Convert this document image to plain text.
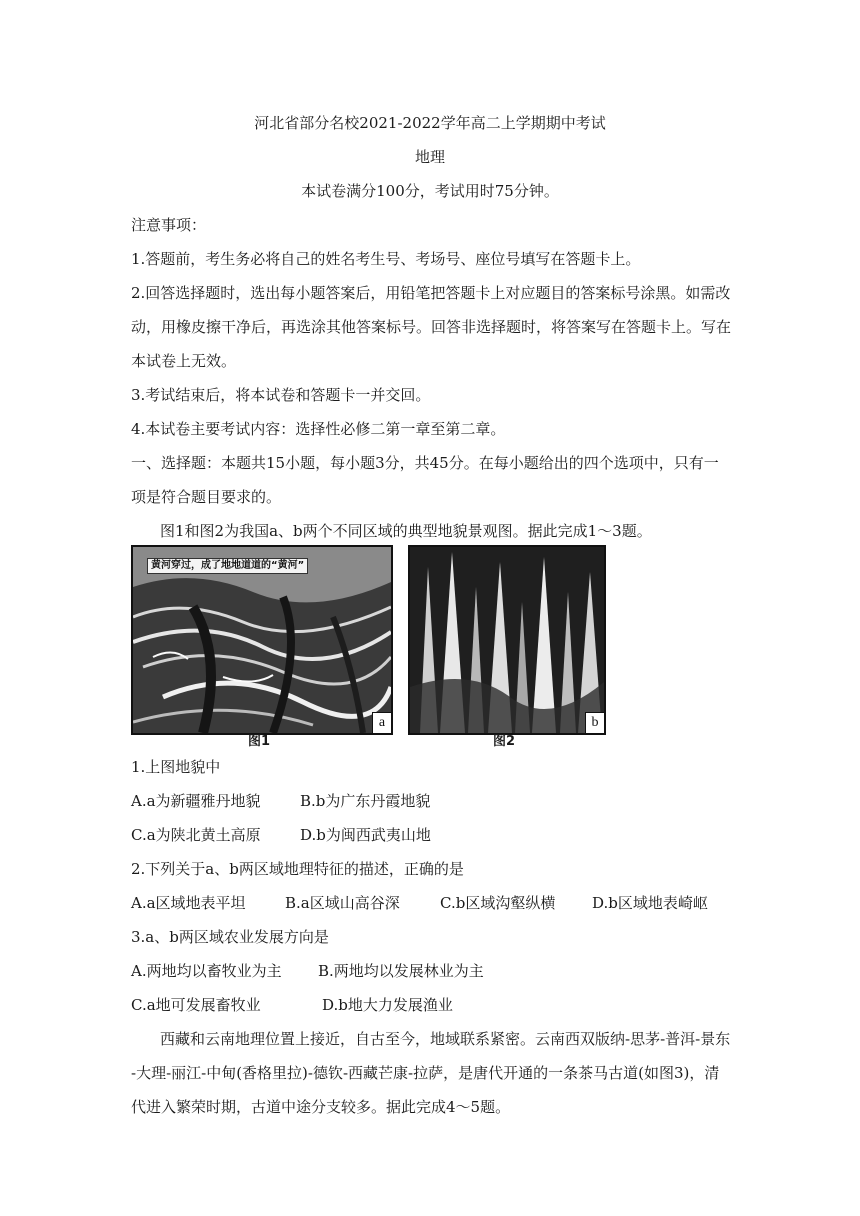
河北省部分名校2021-2022学年高二上学期期中考试
地理
本试卷满分100分，考试用时75分钟。
注意事项：
1.答题前，考生务必将自己的姓名考生号、考场号、座位号填写在答题卡上。
2.回答选择题时，选出每小题答案后，用铅笔把答题卡上对应题目的答案标号涂黑。如需改
动，用橡皮擦干净后，再选涂其他答案标号。回答非选择题时，将答案写在答题卡上。写在
本试卷上无效。
3.考试结束后，将本试卷和答题卡一并交回。
4.本试卷主要考试内容：选择性必修二第一章至第二章。
一、选择题：本题共15小题，每小题3分，共45分。在每小题给出的四个选项中，只有一
项是符合题目要求的。
图1和图2为我国a、b两个不同区域的典型地貌景观图。据此完成1～3题。
a
黄河穿过，成了地地道道的“黄河”
b
图1	图2
1.上图地貌中
A.a为新疆雅丹地貌	B.b为广东丹霞地貌
C.a为陕北黄土高原	D.b为闽西武夷山地
2.下列关于a、b两区域地理特征的描述，正确的是
A.a区域地表平坦	B.a区域山高谷深	C.b区域沟壑纵横 D.b区域地表崎岖
3.a、b两区域农业发展方向是
A.两地均以畜牧业为主 B.两地均以发展林业为主
C.a地可发展畜牧业	D.b地大力发展渔业
西藏和云南地理位置上接近，自古至今，地域联系紧密。云南西双版纳-思茅-普洱-景东
-大理-丽江-中甸(香格里拉)-德钦-西藏芒康-拉萨，是唐代开通的一条茶马古道(如图3)，清
代进入繁荣时期，古道中途分支较多。据此完成4～5题。
